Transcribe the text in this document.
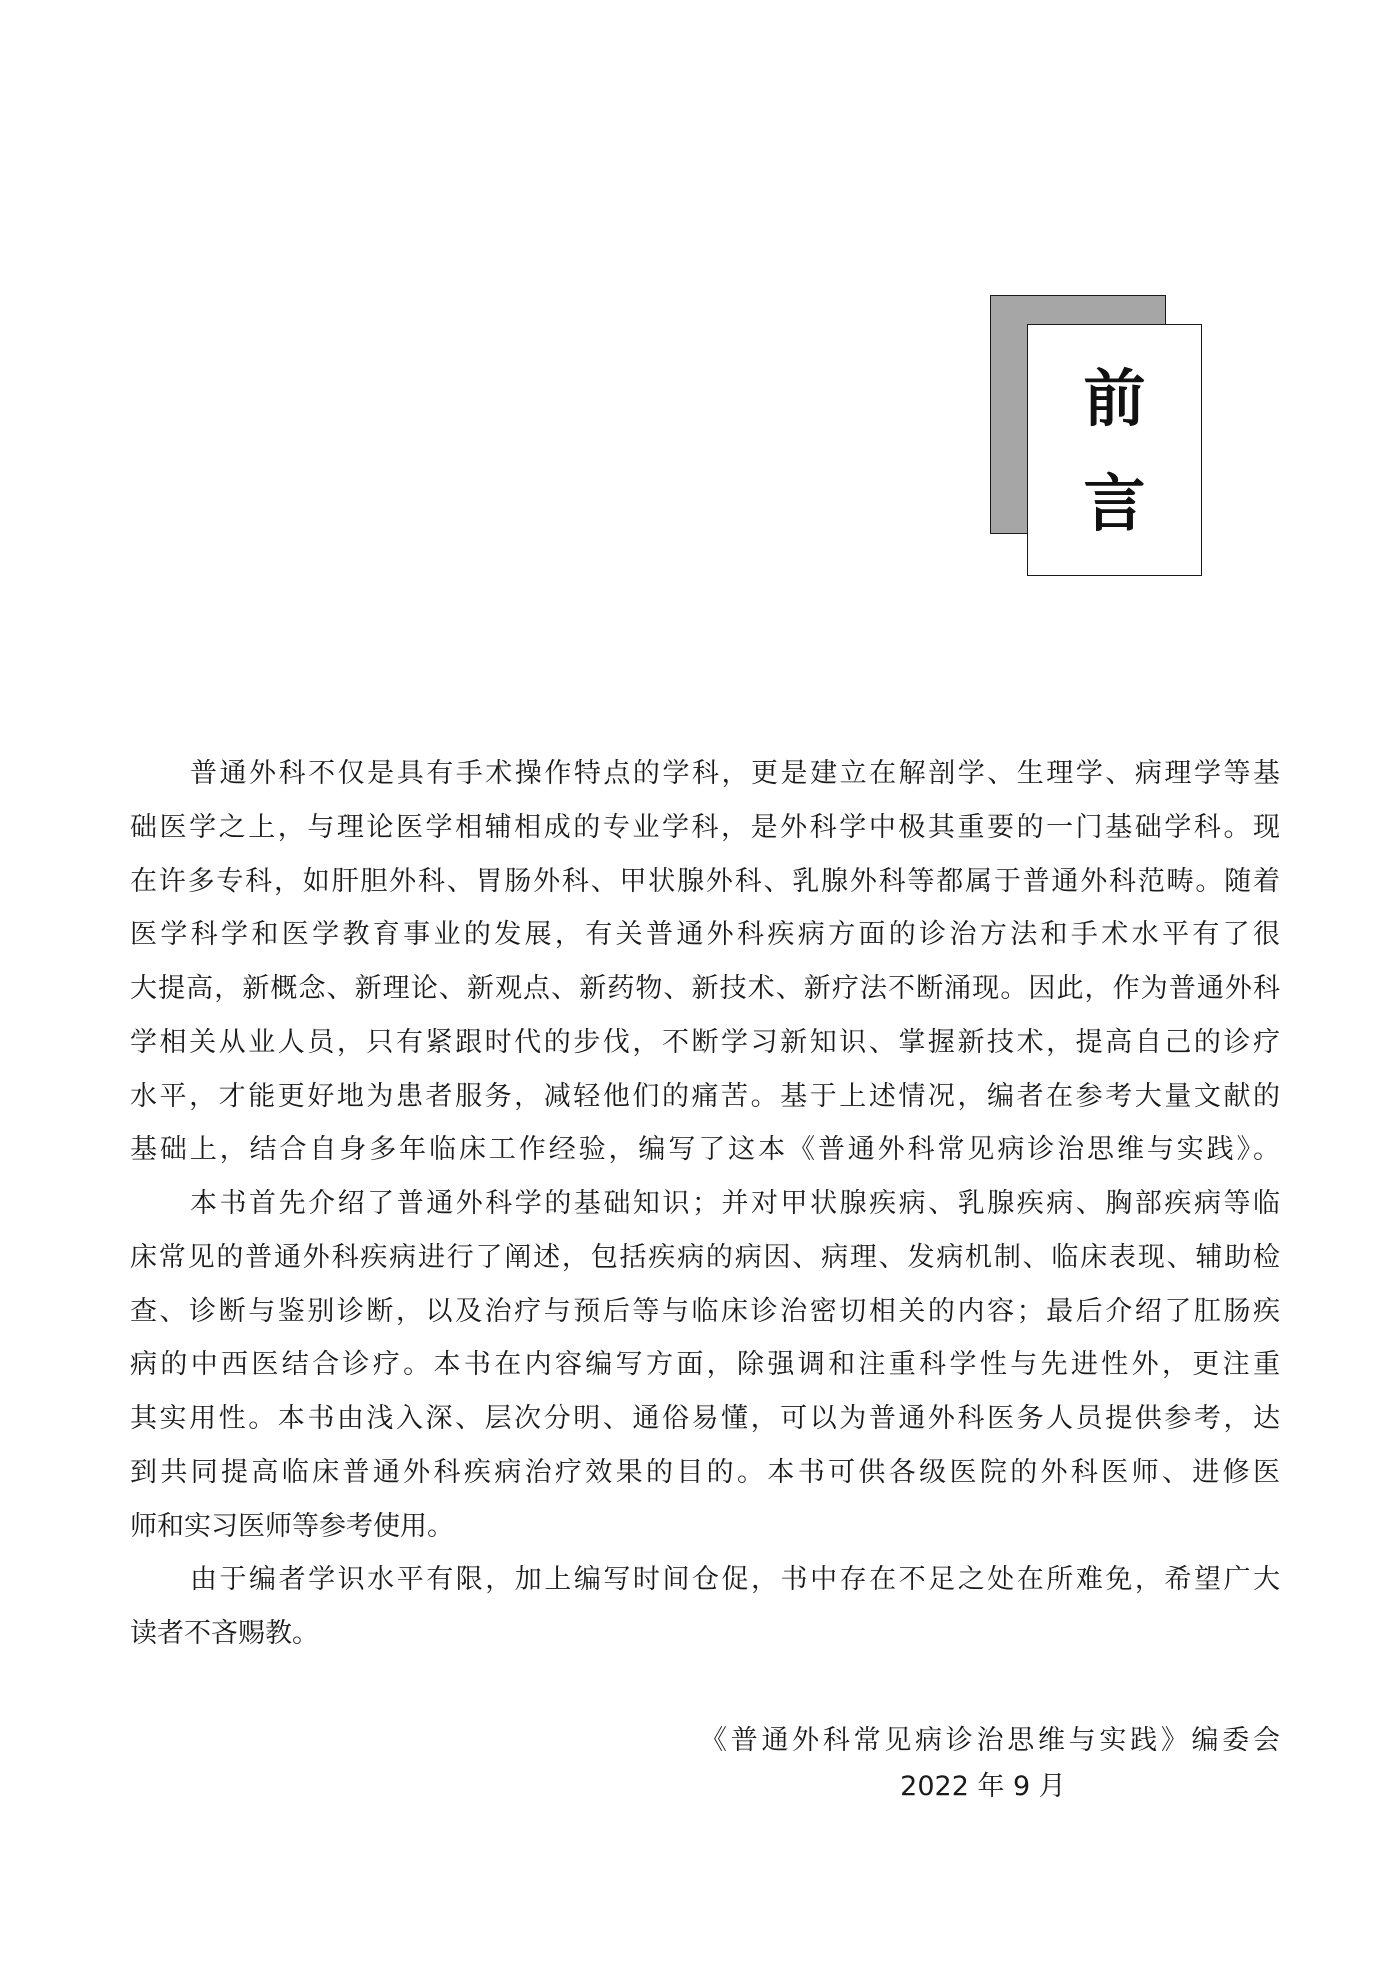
前
言
普通外科不仅是具有手术操作特点的学科，更是建立在解剖学、生理学、病理学等基
础医学之上，与理论医学相辅相成的专业学科，是外科学中极其重要的一门基础学科。现
在许多专科，如肝胆外科、胃肠外科、甲状腺外科、乳腺外科等都属于普通外科范畴。随着
医学科学和医学教育事业的发展，有关普通外科疾病方面的诊治方法和手术水平有了很
大提高，新概念、新理论、新观点、新药物、新技术、新疗法不断涌现。因此，作为普通外科
学相关从业人员，只有紧跟时代的步伐，不断学习新知识、掌握新技术，提高自己的诊疗
水平，才能更好地为患者服务，减轻他们的痛苦。基于上述情况，编者在参考大量文献的
基础上，结合自身多年临床工作经验，编写了这本《普通外科常见病诊治思维与实践》。
本书首先介绍了普通外科学的基础知识；并对甲状腺疾病、乳腺疾病、胸部疾病等临
床常见的普通外科疾病进行了阐述，包括疾病的病因、病理、发病机制、临床表现、辅助检
查、诊断与鉴别诊断，以及治疗与预后等与临床诊治密切相关的内容；最后介绍了肛肠疾
病的中西医结合诊疗。本书在内容编写方面，除强调和注重科学性与先进性外，更注重
其实用性。本书由浅入深、层次分明、通俗易懂，可以为普通外科医务人员提供参考，达
到共同提高临床普通外科疾病治疗效果的目的。本书可供各级医院的外科医师、进修医
师和实习医师等参考使用。
由于编者学识水平有限，加上编写时间仓促，书中存在不足之处在所难免，希望广大
读者不吝赐教。
《普通外科常见病诊治思维与实践》编委会
2022 年 9 月
